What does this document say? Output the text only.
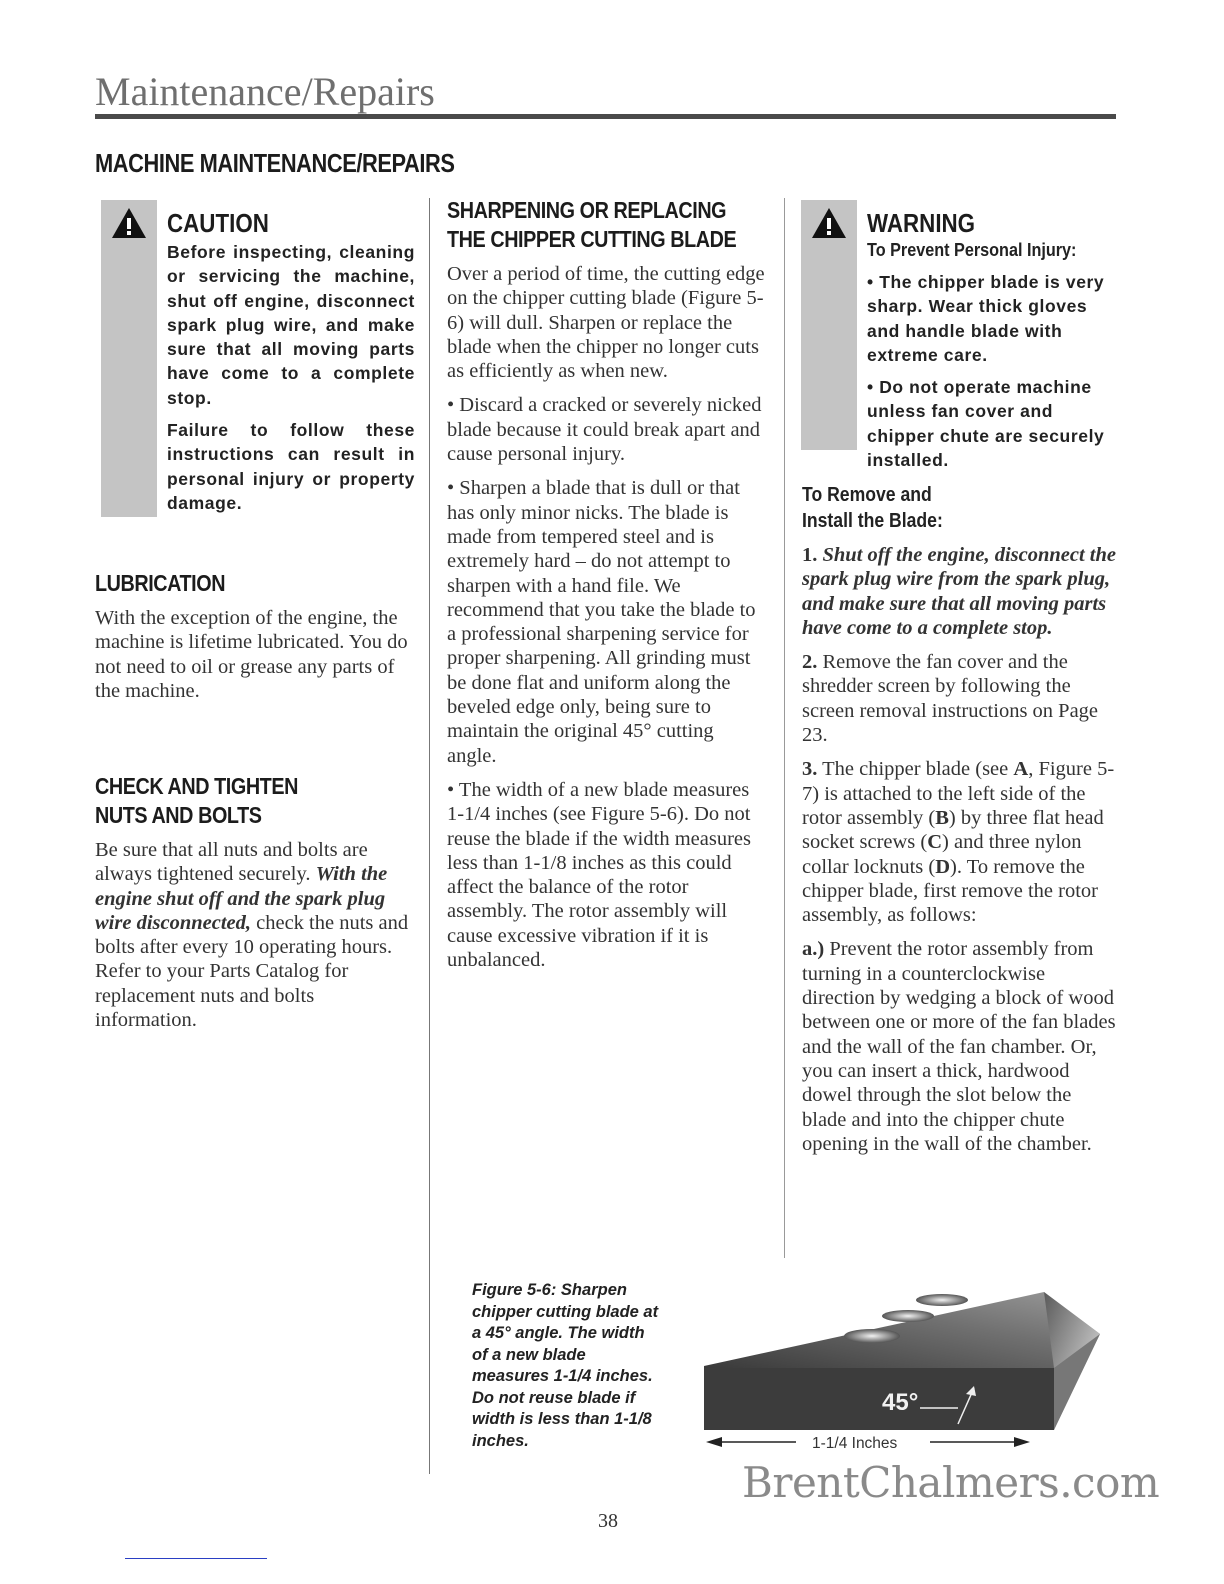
Maintenance/Repairs
MACHINE MAINTENANCE/REPAIRS
CAUTION

Before inspecting, cleaning or servicing the machine, shut off engine, disconnect spark plug wire, and make sure that all moving parts have come to a complete stop.

Failure to follow these instructions can result in personal injury or property damage.

LUBRICATION
With the exception of the engine, the machine is lifetime lubricated. You do not need to oil or grease any parts of the machine.
CHECK AND TIGHTEN
NUTS AND BOLTS
Be sure that all nuts and bolts are always tightened securely. With the engine shut off and the spark plug wire disconnected, check the nuts and bolts after every 10 operating hours. Refer to your Parts Catalog for replacement nuts and bolts information.
SHARPENING OR REPLACING
THE CHIPPER CUTTING BLADE

Over a period of time, the cutting edge on the chipper cutting blade (Figure 5-6) will dull. Sharpen or replace the blade when the chipper no longer cuts as efficiently as when new.

• Discard a cracked or severely nicked blade because it could break apart and cause personal injury.

• Sharpen a blade that is dull or that has only minor nicks. The blade is made from tempered steel and is extremely hard – do not attempt to sharpen with a hand file. We recommend that you take the blade to a professional sharpening service for proper sharpening. All grinding must be done flat and uniform along the beveled edge only, being sure to maintain the original 45° cutting angle.

• The width of a new blade measures 1-1/4 inches (see Figure 5-6). Do not reuse the blade if the width measures less than 1-1/8 inches as this could affect the balance of the rotor assembly. The rotor assembly will cause excessive vibration if it is unbalanced.

Figure 5-6: Sharpen chipper cutting blade at a 45° angle. The width of a new blade measures 1-1/4 inches. Do not reuse blade if width is less than 1-1/8 inches.
WARNING
To Prevent Personal Injury:

• The chipper blade is very sharp. Wear thick gloves and handle blade with extreme care.

• Do not operate machine unless fan cover and chipper chute are securely installed.

To Remove and
Install the Blade:

1. Shut off the engine, disconnect the spark plug wire from the spark plug, and make sure that all moving parts have come to a complete stop.

2. Remove the fan cover and the shredder screen by following the screen removal instructions on Page 23.

3. The chipper blade (see A, Figure 5-7) is attached to the left side of the rotor assembly (B) by three flat head socket screws (C) and three nylon collar locknuts (D). To remove the chipper blade, first remove the rotor assembly, as follows:

a.) Prevent the rotor assembly from turning in a counterclockwise direction by wedging a block of wood between one or more of the fan blades and the wall of the fan chamber. Or, you can insert a thick, hardwood dowel through the slot below the blade and into the chipper chute opening in the wall of the chamber.

45°
1-1/4 Inches
BrentChalmers.com
38
